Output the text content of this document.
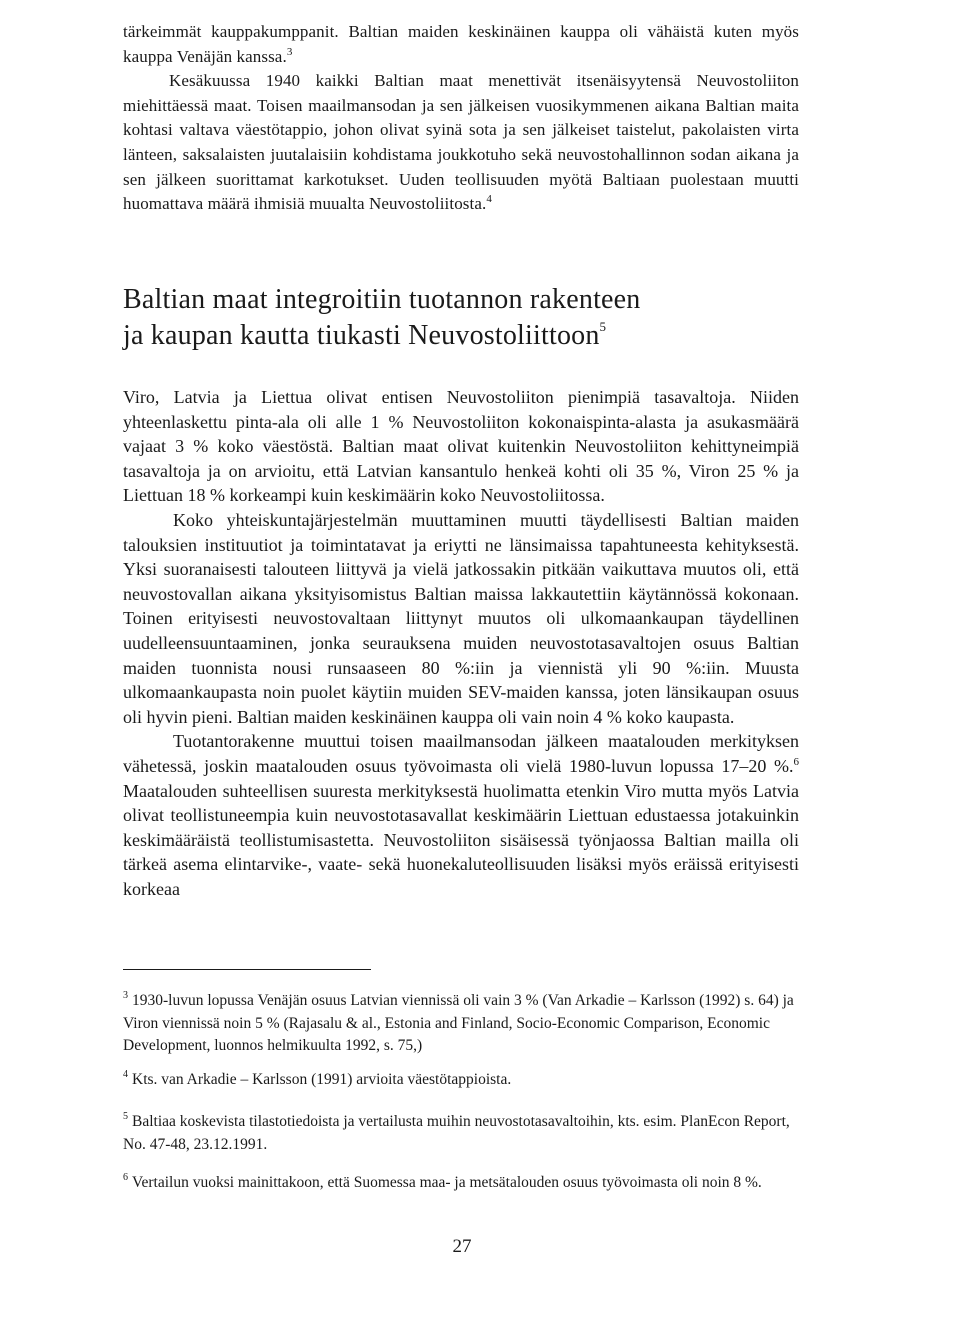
tärkeimmät kauppakumppanit. Baltian maiden keskinäinen kauppa oli vähäistä kuten myös kauppa Venäjän kanssa.$^3$

Kesäkuussa 1940 kaikki Baltian maat menettivät itsenäisyytensä Neuvostoliiton miehittäessä maat. Toisen maailmansodan ja sen jälkeisen vuosikymmenen aikana Baltian maita kohtasi valtava väestötappio, johon olivat syinä sota ja sen jälkeiset taistelut, pakolaisten virta länteen, saksalaisten juutalaisiin kohdistama joukkotuho sekä neuvostohallinnon sodan aikana ja sen jälkeen suorittamat karkotukset. Uuden teollisuuden myötä Baltiaan puolestaan muutti huomattava määrä ihmisiä muualta Neuvostoliitosta.$^4$

Baltian maat integroitiin tuotannon rakenteen
ja kaupan kautta tiukasti Neuvostoliittoon$^5$

Viro, Latvia ja Liettua olivat entisen Neuvostoliiton pienimpiä tasavaltoja. Niiden yhteenlaskettu pinta-ala oli alle 1 % Neuvostoliiton kokonaispinta-alasta ja asukasmäärä vajaat 3 % koko väestöstä. Baltian maat olivat kuitenkin Neuvostoliiton kehittyneimpiä tasavaltoja ja on arvioitu, että Latvian kansantulo henkeä kohti oli 35 %, Viron 25 % ja Liettuan 18 % korkeampi kuin keskimäärin koko Neuvostoliitossa.

Koko yhteiskuntajärjestelmän muuttaminen muutti täydellisesti Baltian maiden talouksien instituutiot ja toimintatavat ja eriytti ne länsimaissa tapahtuneesta kehityksestä. Yksi suoranaisesti talouteen liittyvä ja vielä jatkossakin pitkään vaikuttava muutos oli, että neuvostovallan aikana yksityisomistus Baltian maissa lakkautettiin käytännössä kokonaan. Toinen erityisesti neuvostovaltaan liittynyt muutos oli ulkomaankaupan täydellinen uudelleensuuntaaminen, jonka seurauksena muiden neuvostotasavaltojen osuus Baltian maiden tuonnista nousi runsaaseen 80 %:iin ja viennistä yli 90 %:iin. Muusta ulkomaankaupasta noin puolet käytiin muiden SEV-maiden kanssa, joten länsikaupan osuus oli hyvin pieni. Baltian maiden keskinäinen kauppa oli vain noin 4 % koko kaupasta.

Tuotantorakenne muuttui toisen maailmansodan jälkeen maatalouden merkityksen vähetessä, joskin maatalouden osuus työvoimasta oli vielä 1980-luvun lopussa 17–20 %.$^6$ Maatalouden suhteellisen suuresta merkityksestä huolimatta etenkin Viro mutta myös Latvia olivat teollistuneempia kuin neuvostotasavallat keskimäärin Liettuan edustaessa jotakuinkin keskimääräistä teollistumisastetta. Neuvostoliiton sisäisessä työnjaossa Baltian mailla oli tärkeä asema elintarvike-, vaate- sekä huonekaluteollisuuden lisäksi myös eräissä erityisesti korkeaa

$^3$ 1930-luvun lopussa Venäjän osuus Latvian viennissä oli vain 3 % (Van Arkadie – Karlsson (1992) s. 64) ja Viron viennissä noin 5 % (Rajasalu & al., Estonia and Finland, Socio-Economic Comparison, Economic Development, luonnos helmikuulta 1992, s. 75,)

$^4$ Kts. van Arkadie – Karlsson (1991) arvioita väestötappioista.

$^5$ Baltiaa koskevista tilastotiedoista ja vertailusta muihin neuvostotasavaltoihin, kts. esim. PlanEcon Report, No. 47-48, 23.12.1991.

$^6$ Vertailun vuoksi mainittakoon, että Suomessa maa- ja metsätalouden osuus työvoimasta oli noin 8 %.

27
